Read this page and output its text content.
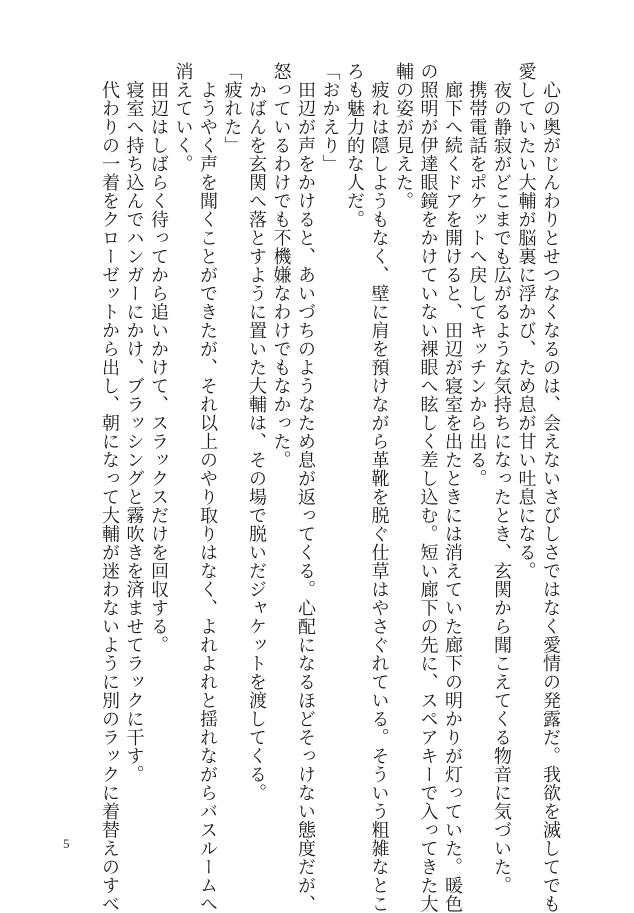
　心の奥がじんわりとせつなくなるのは、会えないさびしさではなく愛情の発露だ。我欲を滅してでも
愛していたい大輔が脳裏に浮かび、ため息が甘い吐息になる。
　夜の静寂がどこまでも広がるような気持ちになったとき、玄関から聞こえてくる物音に気づいた。
　携帯電話をポケットへ戻してキッチンから出る。
　廊下へ続くドアを開けると、田辺が寝室を出たときには消えていた廊下の明かりが灯っていた。暖色
の照明が伊達眼鏡をかけていない裸眼へ眩しく差し込む。短い廊下の先に、スペアキーで入ってきた大
輔の姿が見えた。
　疲れは隠しようもなく、壁に肩を預けながら革靴を脱ぐ仕草はやさぐれている。そういう粗雑なとこ
ろも魅力的な人だ。
「おかえり」
　田辺が声をかけると、あいづちのようなため息が返ってくる。心配になるほどそっけない態度だが、
怒っているわけでも不機嫌なわけでもなかった。
　かばんを玄関へ落とすように置いた大輔は、その場で脱いだジャケットを渡してくる。
「疲れた」
　ようやく声を聞くことができたが、それ以上のやり取りはなく、よれよれと揺れながらバスルームへ
消えていく。
　田辺はしばらく待ってから追いかけて、スラックスだけを回収する。
　寝室へ持ち込んでハンガーにかけ、ブラッシングと霧吹きを済ませてラックに干す。
　代わりの一着をクローゼットから出し、朝になって大輔が迷わないように別のラックに着替えのすべ
5
